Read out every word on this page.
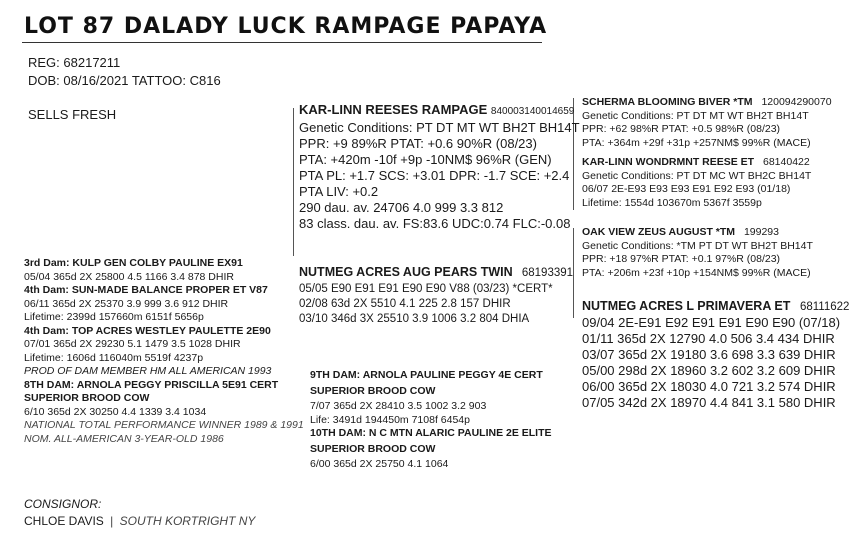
LOT 87 DALADY LUCK RAMPAGE PAPAYA
REG: 68217211
DOB: 08/16/2021 TATTOO: C816
SELLS FRESH	KAR-LINN REESES RAMPAGE 840003140014659
Genetic Conditions: PT DT MT WT BH2T BH14T
PPR: +9 89%R PTAT: +0.6 90%R (08/23)
PTA: +420m -10f +9p -10NM$ 96%R (GEN)
PTA PL: +1.7 SCS: +3.01 DPR: -1.7 SCE: +2.4
PTA LIV: +0.2
290 dau. av. 24706 4.0 999 3.3 812
83 class. dau. av. FS:83.6 UDC:0.74 FLC:-0.08
SCHERMA BLOOMING BIVER *TM 120094290070
Genetic Conditions: PT DT MT WT BH2T BH14T
PPR: +62 98%R PTAT: +0.5 98%R (08/23)
PTA: +364m +29f +31p +257NM$ 99%R (MACE)
KAR-LINN WONDRMNT REESE ET 68140422
Genetic Conditions: PT DT MC WT BH2C BH14T
06/07 2E-E93 E93 E93 E91 E92 E93 (01/18)
Lifetime: 1554d 103670m 5367f 3559p
OAK VIEW ZEUS AUGUST *TM 199293
Genetic Conditions: *TM PT DT WT BH2T BH14T
PPR: +18 97%R PTAT: +0.1 97%R (08/23)
PTA: +206m +23f +10p +154NM$ 99%R (MACE)
NUTMEG ACRES AUG PEARS TWIN 68193391
05/05 E90 E91 E91 E90 E90 V88 (03/23) *CERT*
02/08 63d 2X 5510 4.1 225 2.8 157 DHIR
03/10 346d 3X 25510 3.9 1006 3.2 804 DHIA
NUTMEG ACRES L PRIMAVERA ET 68111622
09/04 2E-E91 E92 E91 E91 E90 E90 (07/18)
01/11 365d 2X 12790 4.0 506 3.4 434 DHIR
03/07 365d 2X 19180 3.6 698 3.3 639 DHIR
05/00 298d 2X 18960 3.2 602 3.2 609 DHIR
06/00 365d 2X 18030 4.0 721 3.2 574 DHIR
07/05 342d 2X 18970 4.4 841 3.1 580 DHIR
3rd Dam: KULP GEN COLBY PAULINE EX91
05/04 365d 2X 25800 4.5 1166 3.4 878 DHIR
4th Dam: SUN-MADE BALANCE PROPER ET V87
06/11 365d 2X 25370 3.9 999 3.6 912 DHIR
Lifetime: 2399d 157660m 6151f 5656p
4th Dam: TOP ACRES WESTLEY PAULETTE 2E90
07/01 365d 2X 29230 5.1 1479 3.5 1028 DHIR
Lifetime: 1606d 116040m 5519f 4237p
PROD OF DAM MEMBER HM ALL AMERICAN 1993
8TH DAM: ARNOLA PEGGY PRISCILLA 5E91 CERT
SUPERIOR BROOD COW
6/10 365d 2X 30250 4.4 1339 3.4 1034
NATIONAL TOTAL PERFORMANCE WINNER 1989 & 1991
NOM. ALL-AMERICAN 3-YEAR-OLD 1986
9TH DAM: ARNOLA PAULINE PEGGY 4E CERT
SUPERIOR BROOD COW
7/07 365d 2X 28410 3.5 1002 3.2 903
Life: 3491d 194450m 7108f 6454p
10TH DAM: N C MTN ALARIC PAULINE 2E ELITE
SUPERIOR BROOD COW
6/00 365d 2X 25750 4.1 1064
CONSIGNOR:
CHLOE DAVIS | SOUTH KORTRIGHT NY
